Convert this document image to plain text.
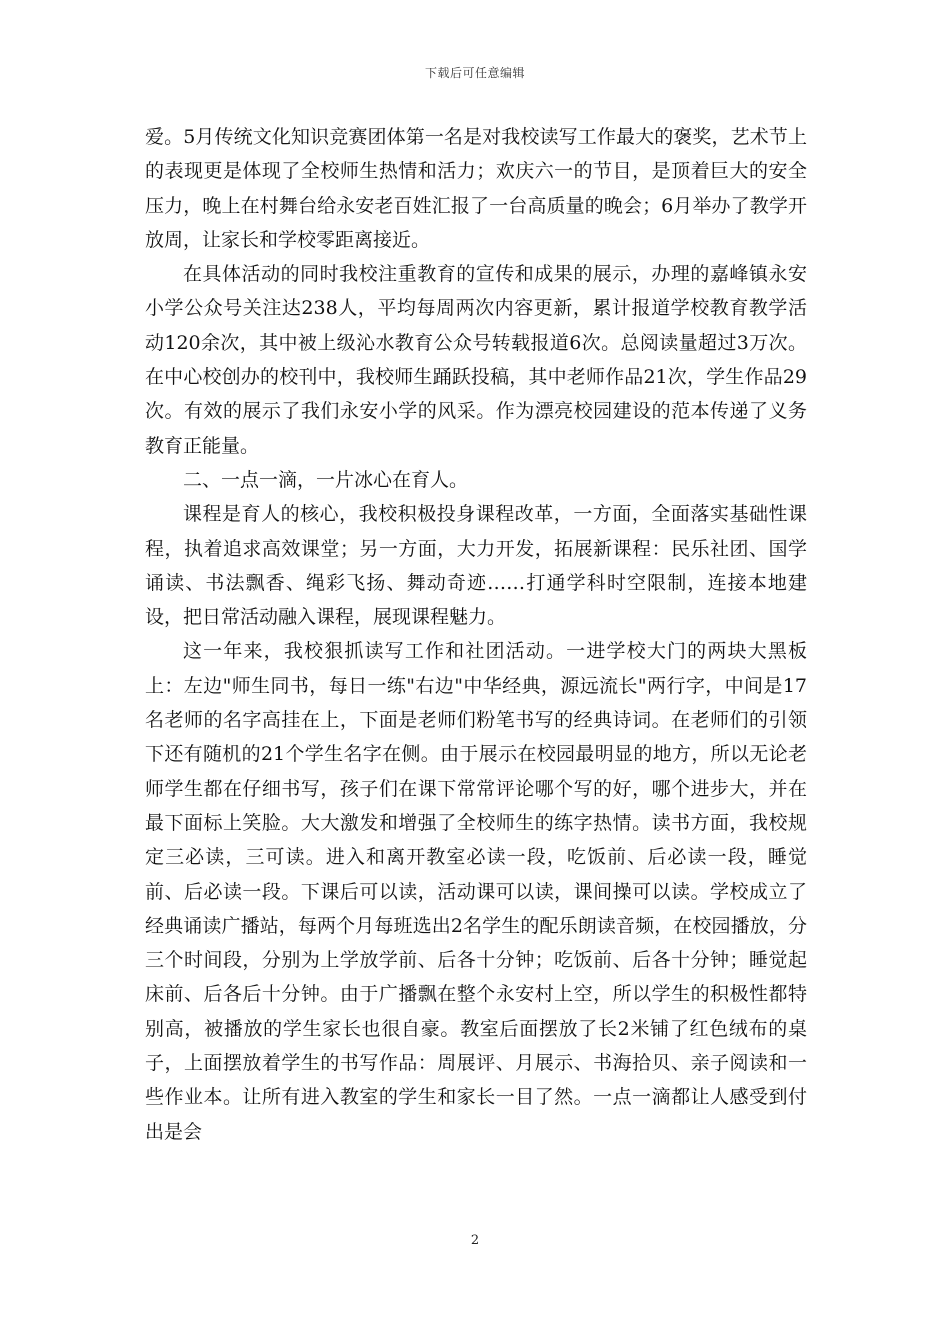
下载后可任意编辑

爱。5月传统文化知识竞赛团体第一名是对我校读写工作最大的褒奖，艺术节上的表现更是体现了全校师生热情和活力；欢庆六一的节目，是顶着巨大的安全压力，晚上在村舞台给永安老百姓汇报了一台高质量的晚会；6月举办了教学开放周，让家长和学校零距离接近。

在具体活动的同时我校注重教育的宣传和成果的展示，办理的嘉峰镇永安小学公众号关注达238人，平均每周两次内容更新，累计报道学校教育教学活动120余次，其中被上级沁水教育公众号转载报道6次。总阅读量超过3万次。在中心校创办的校刊中，我校师生踊跃投稿，其中老师作品21次，学生作品29次。有效的展示了我们永安小学的风采。作为漂亮校园建设的范本传递了义务教育正能量。

二、一点一滴，一片冰心在育人。

课程是育人的核心，我校积极投身课程改革，一方面，全面落实基础性课程，执着追求高效课堂；另一方面，大力开发，拓展新课程：民乐社团、国学诵读、书法飘香、绳彩飞扬、舞动奇迹……打通学科时空限制，连接本地建设，把日常活动融入课程，展现课程魅力。

这一年来，我校狠抓读写工作和社团活动。一进学校大门的两块大黑板上：左边"师生同书，每日一练"右边"中华经典，源远流长"两行字，中间是17名老师的名字高挂在上，下面是老师们粉笔书写的经典诗词。在老师们的引领下还有随机的21个学生名字在侧。由于展示在校园最明显的地方，所以无论老师学生都在仔细书写，孩子们在课下常常评论哪个写的好，哪个进步大，并在最下面标上笑脸。大大激发和增强了全校师生的练字热情。读书方面，我校规定三必读，三可读。进入和离开教室必读一段，吃饭前、后必读一段，睡觉前、后必读一段。下课后可以读，活动课可以读，课间操可以读。学校成立了经典诵读广播站，每两个月每班选出2名学生的配乐朗读音频，在校园播放，分三个时间段，分别为上学放学前、后各十分钟；吃饭前、后各十分钟；睡觉起床前、后各后十分钟。由于广播飘在整个永安村上空，所以学生的积极性都特别高，被播放的学生家长也很自豪。教室后面摆放了长2米铺了红色绒布的桌子，上面摆放着学生的书写作品：周展评、月展示、书海拾贝、亲子阅读和一些作业本。让所有进入教室的学生和家长一目了然。一点一滴都让人感受到付出是会

2
